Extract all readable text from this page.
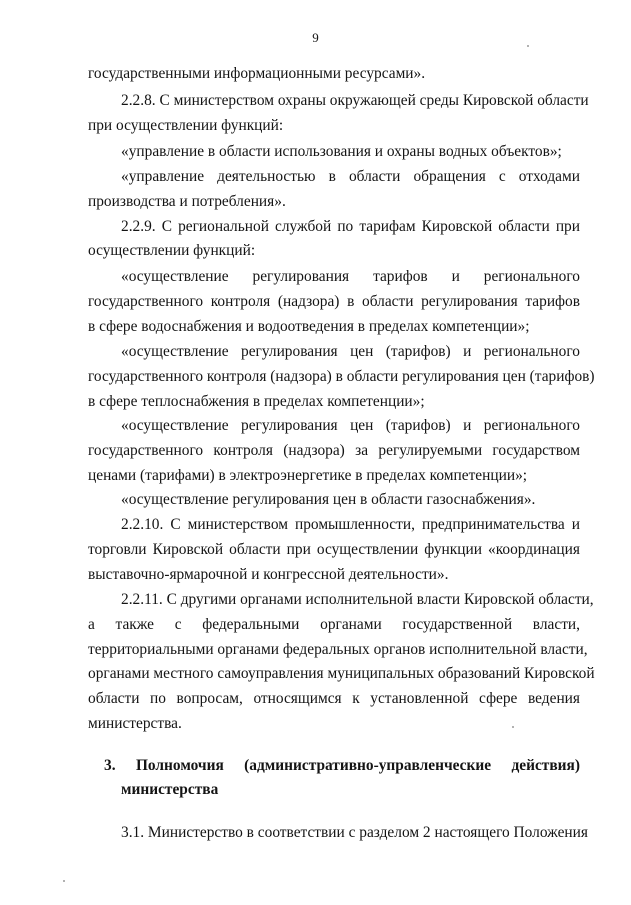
9
государственными информационными ресурсами».
2.2.8. С министерством охраны окружающей среды Кировской области
при осуществлении функций:
«управление в области использования и охраны водных объектов»;
«управление деятельностью в области обращения с отходами
производства и потребления».
2.2.9. С региональной службой по тарифам Кировской области при
осуществлении функций:
«осуществление регулирования тарифов и регионального
государственного контроля (надзора) в области регулирования тарифов
в сфере водоснабжения и водоотведения в пределах компетенции»;
«осуществление регулирования цен (тарифов) и регионального
государственного контроля (надзора) в области регулирования цен (тарифов)
в сфере теплоснабжения в пределах компетенции»;
«осуществление регулирования цен (тарифов) и регионального
государственного контроля (надзора) за регулируемыми государством
ценами (тарифами) в электроэнергетике в пределах компетенции»;
«осуществление регулирования цен в области газоснабжения».
2.2.10. С министерством промышленности, предпринимательства и
торговли Кировской области при осуществлении функции «координация
выставочно-ярмарочной и конгрессной деятельности».
2.2.11. С другими органами исполнительной власти Кировской области,
а также с федеральными органами государственной власти,
территориальными органами федеральных органов исполнительной власти,
органами местного самоуправления муниципальных образований Кировской
области по вопросам, относящимся к установленной сфере ведения
министерства.
3. Полномочия (административно-управленческие действия)
министерства
3.1. Министерство в соответствии с разделом 2 настоящего Положения
